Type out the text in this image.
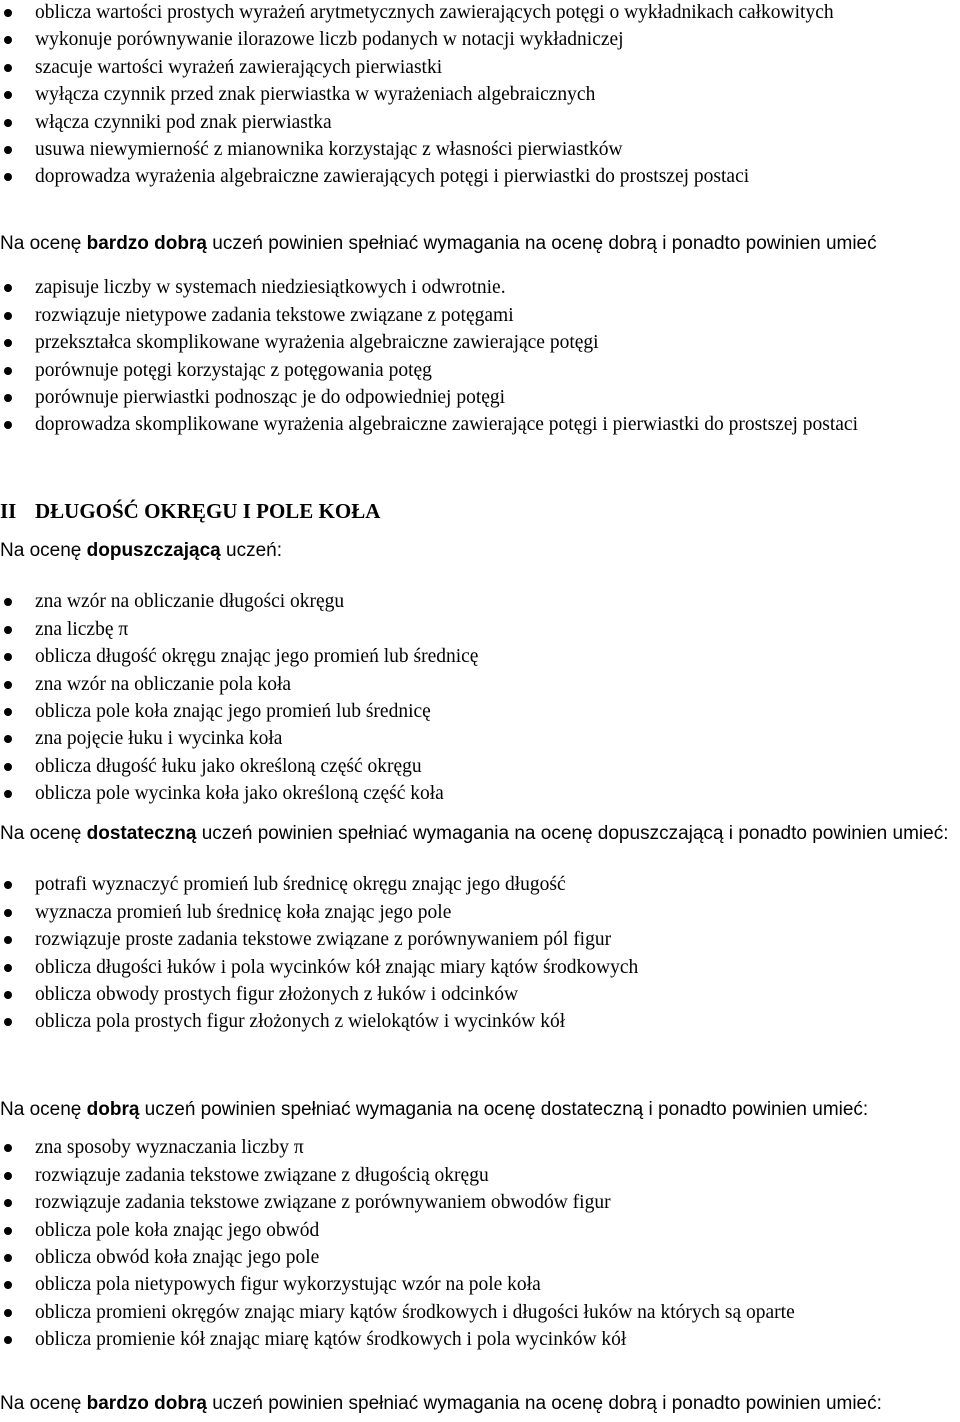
oblicza wartości prostych wyrażeń arytmetycznych zawierających potęgi o wykładnikach całkowitych
wykonuje porównywanie ilorazowe liczb podanych w notacji wykładniczej
szacuje wartości wyrażeń zawierających pierwiastki
wyłącza czynnik przed znak pierwiastka w wyrażeniach algebraicznych
włącza czynniki pod znak pierwiastka
usuwa niewymierność z mianownika korzystając z własności pierwiastków
doprowadza wyrażenia algebraiczne zawierających potęgi i pierwiastki do prostszej postaci

Na ocenę bardzo dobrą uczeń powinien spełniać wymagania na ocenę dobrą i ponadto powinien umieć

zapisuje liczby w systemach niedziesiątkowych i odwrotnie.
rozwiązuje nietypowe zadania tekstowe związane z potęgami
przekształca skomplikowane wyrażenia algebraiczne zawierające potęgi
porównuje potęgi korzystając z potęgowania potęg
porównuje pierwiastki podnosząc je do odpowiedniej potęgi
doprowadza skomplikowane wyrażenia algebraiczne zawierające potęgi i pierwiastki do prostszej postaci

II DŁUGOŚĆ OKRĘGU I POLE KOŁA

Na ocenę dopuszczającą uczeń:

zna wzór na obliczanie długości okręgu
zna liczbę π
oblicza długość okręgu znając jego promień lub średnicę
zna wzór na obliczanie pola koła
oblicza pole koła znając jego promień lub średnicę
zna pojęcie łuku i wycinka koła
oblicza długość łuku jako określoną część okręgu
oblicza pole wycinka koła jako określoną część koła

Na ocenę dostateczną uczeń powinien spełniać wymagania na ocenę dopuszczającą i ponadto powinien umieć:

potrafi wyznaczyć promień lub średnicę okręgu znając jego długość
wyznacza promień lub średnicę koła znając jego pole
rozwiązuje proste zadania tekstowe związane z porównywaniem pól figur
oblicza długości łuków i pola wycinków kół znając miary kątów środkowych
oblicza obwody prostych figur złożonych z łuków i odcinków
oblicza pola prostych figur złożonych z wielokątów i wycinków kół

Na ocenę dobrą uczeń powinien spełniać wymagania na ocenę dostateczną i ponadto powinien umieć:

zna sposoby wyznaczania liczby π
rozwiązuje zadania tekstowe związane z długością okręgu
rozwiązuje zadania tekstowe związane z porównywaniem obwodów figur
oblicza pole koła znając jego obwód
oblicza obwód koła znając jego pole
oblicza pola nietypowych figur wykorzystując wzór na pole koła
oblicza promieni okręgów znając miary kątów środkowych i długości łuków na których są oparte
oblicza promienie kół znając miarę kątów środkowych i pola wycinków kół

Na ocenę bardzo dobrą uczeń powinien spełniać wymagania na ocenę dobrą i ponadto powinien umieć:
